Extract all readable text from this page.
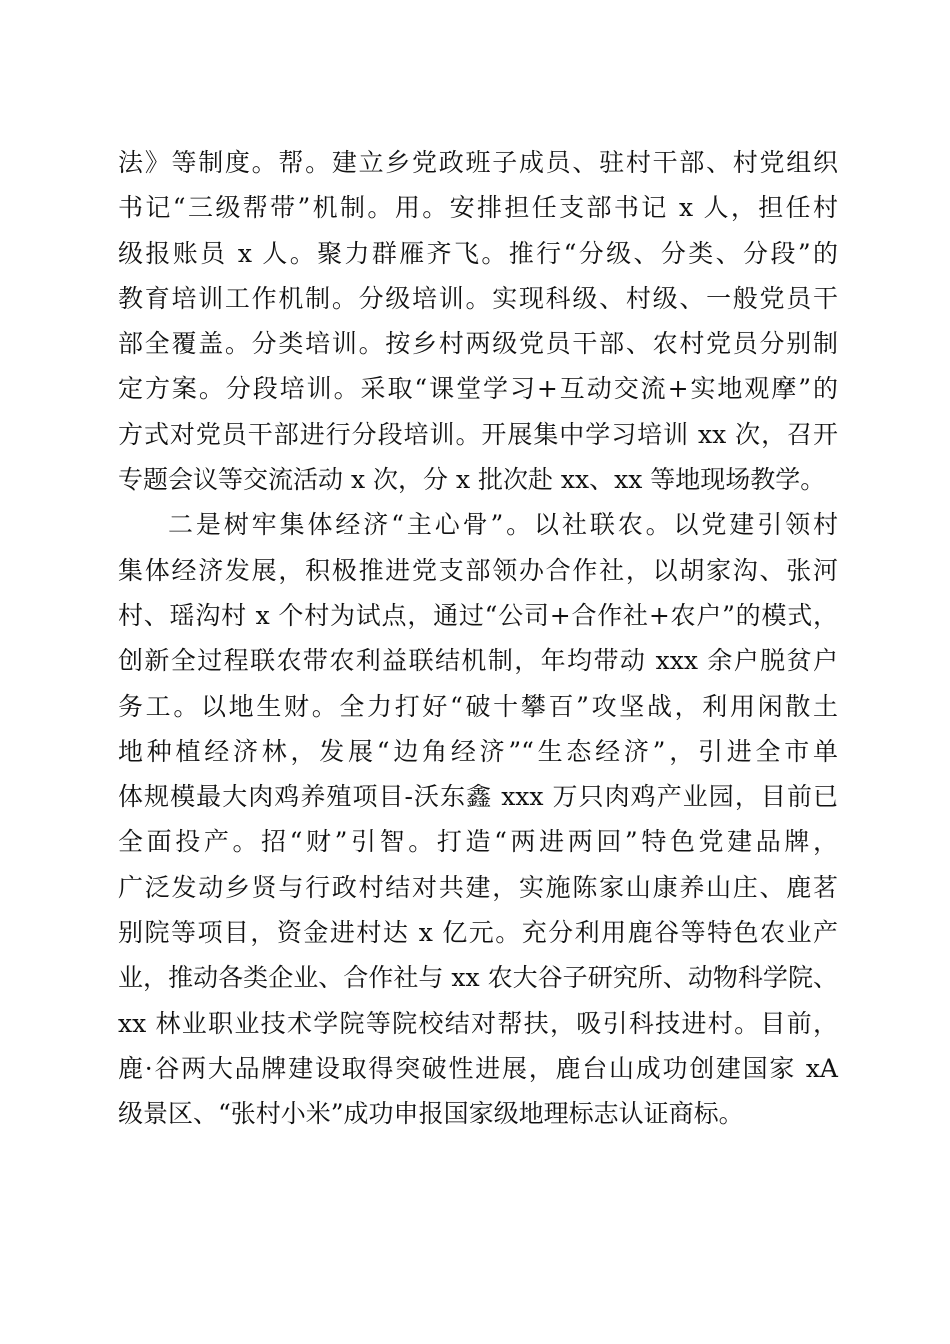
法》等制度。帮。建立乡党政班子成员、驻村干部、村党组织
书记“三级帮带”机制。用。安排担任支部书记 x 人，担任村
级报账员 x 人。聚力群雁齐飞。推行“分级、分类、分段”的
教育培训工作机制。分级培训。实现科级、村级、一般党员干
部全覆盖。分类培训。按乡村两级党员干部、农村党员分别制
定方案。分段培训。采取“课堂学习+互动交流+实地观摩”的
方式对党员干部进行分段培训。开展集中学习培训 xx 次，召开
专题会议等交流活动 x 次，分 x 批次赴 xx、xx 等地现场教学。
二是树牢集体经济“主心骨”。以社联农。以党建引领村
集体经济发展，积极推进党支部领办合作社，以胡家沟、张河
村、瑶沟村 x 个村为试点，通过“公司+合作社+农户”的模式，
创新全过程联农带农利益联结机制，年均带动 xxx 余户脱贫户
务工。以地生财。全力打好“破十攀百”攻坚战，利用闲散土
地种植经济林，发展“边角经济”“生态经济”，引进全市单
体规模最大肉鸡养殖项目-沃东鑫 xxx 万只肉鸡产业园，目前已
全面投产。招“财”引智。打造“两进两回”特色党建品牌，
广泛发动乡贤与行政村结对共建，实施陈家山康养山庄、鹿茗
别院等项目，资金进村达 x 亿元。充分利用鹿谷等特色农业产
业，推动各类企业、合作社与 xx 农大谷子研究所、动物科学院、
xx 林业职业技术学院等院校结对帮扶，吸引科技进村。目前，
鹿·谷两大品牌建设取得突破性进展，鹿台山成功创建国家 xA
级景区、“张村小米”成功申报国家级地理标志认证商标。
